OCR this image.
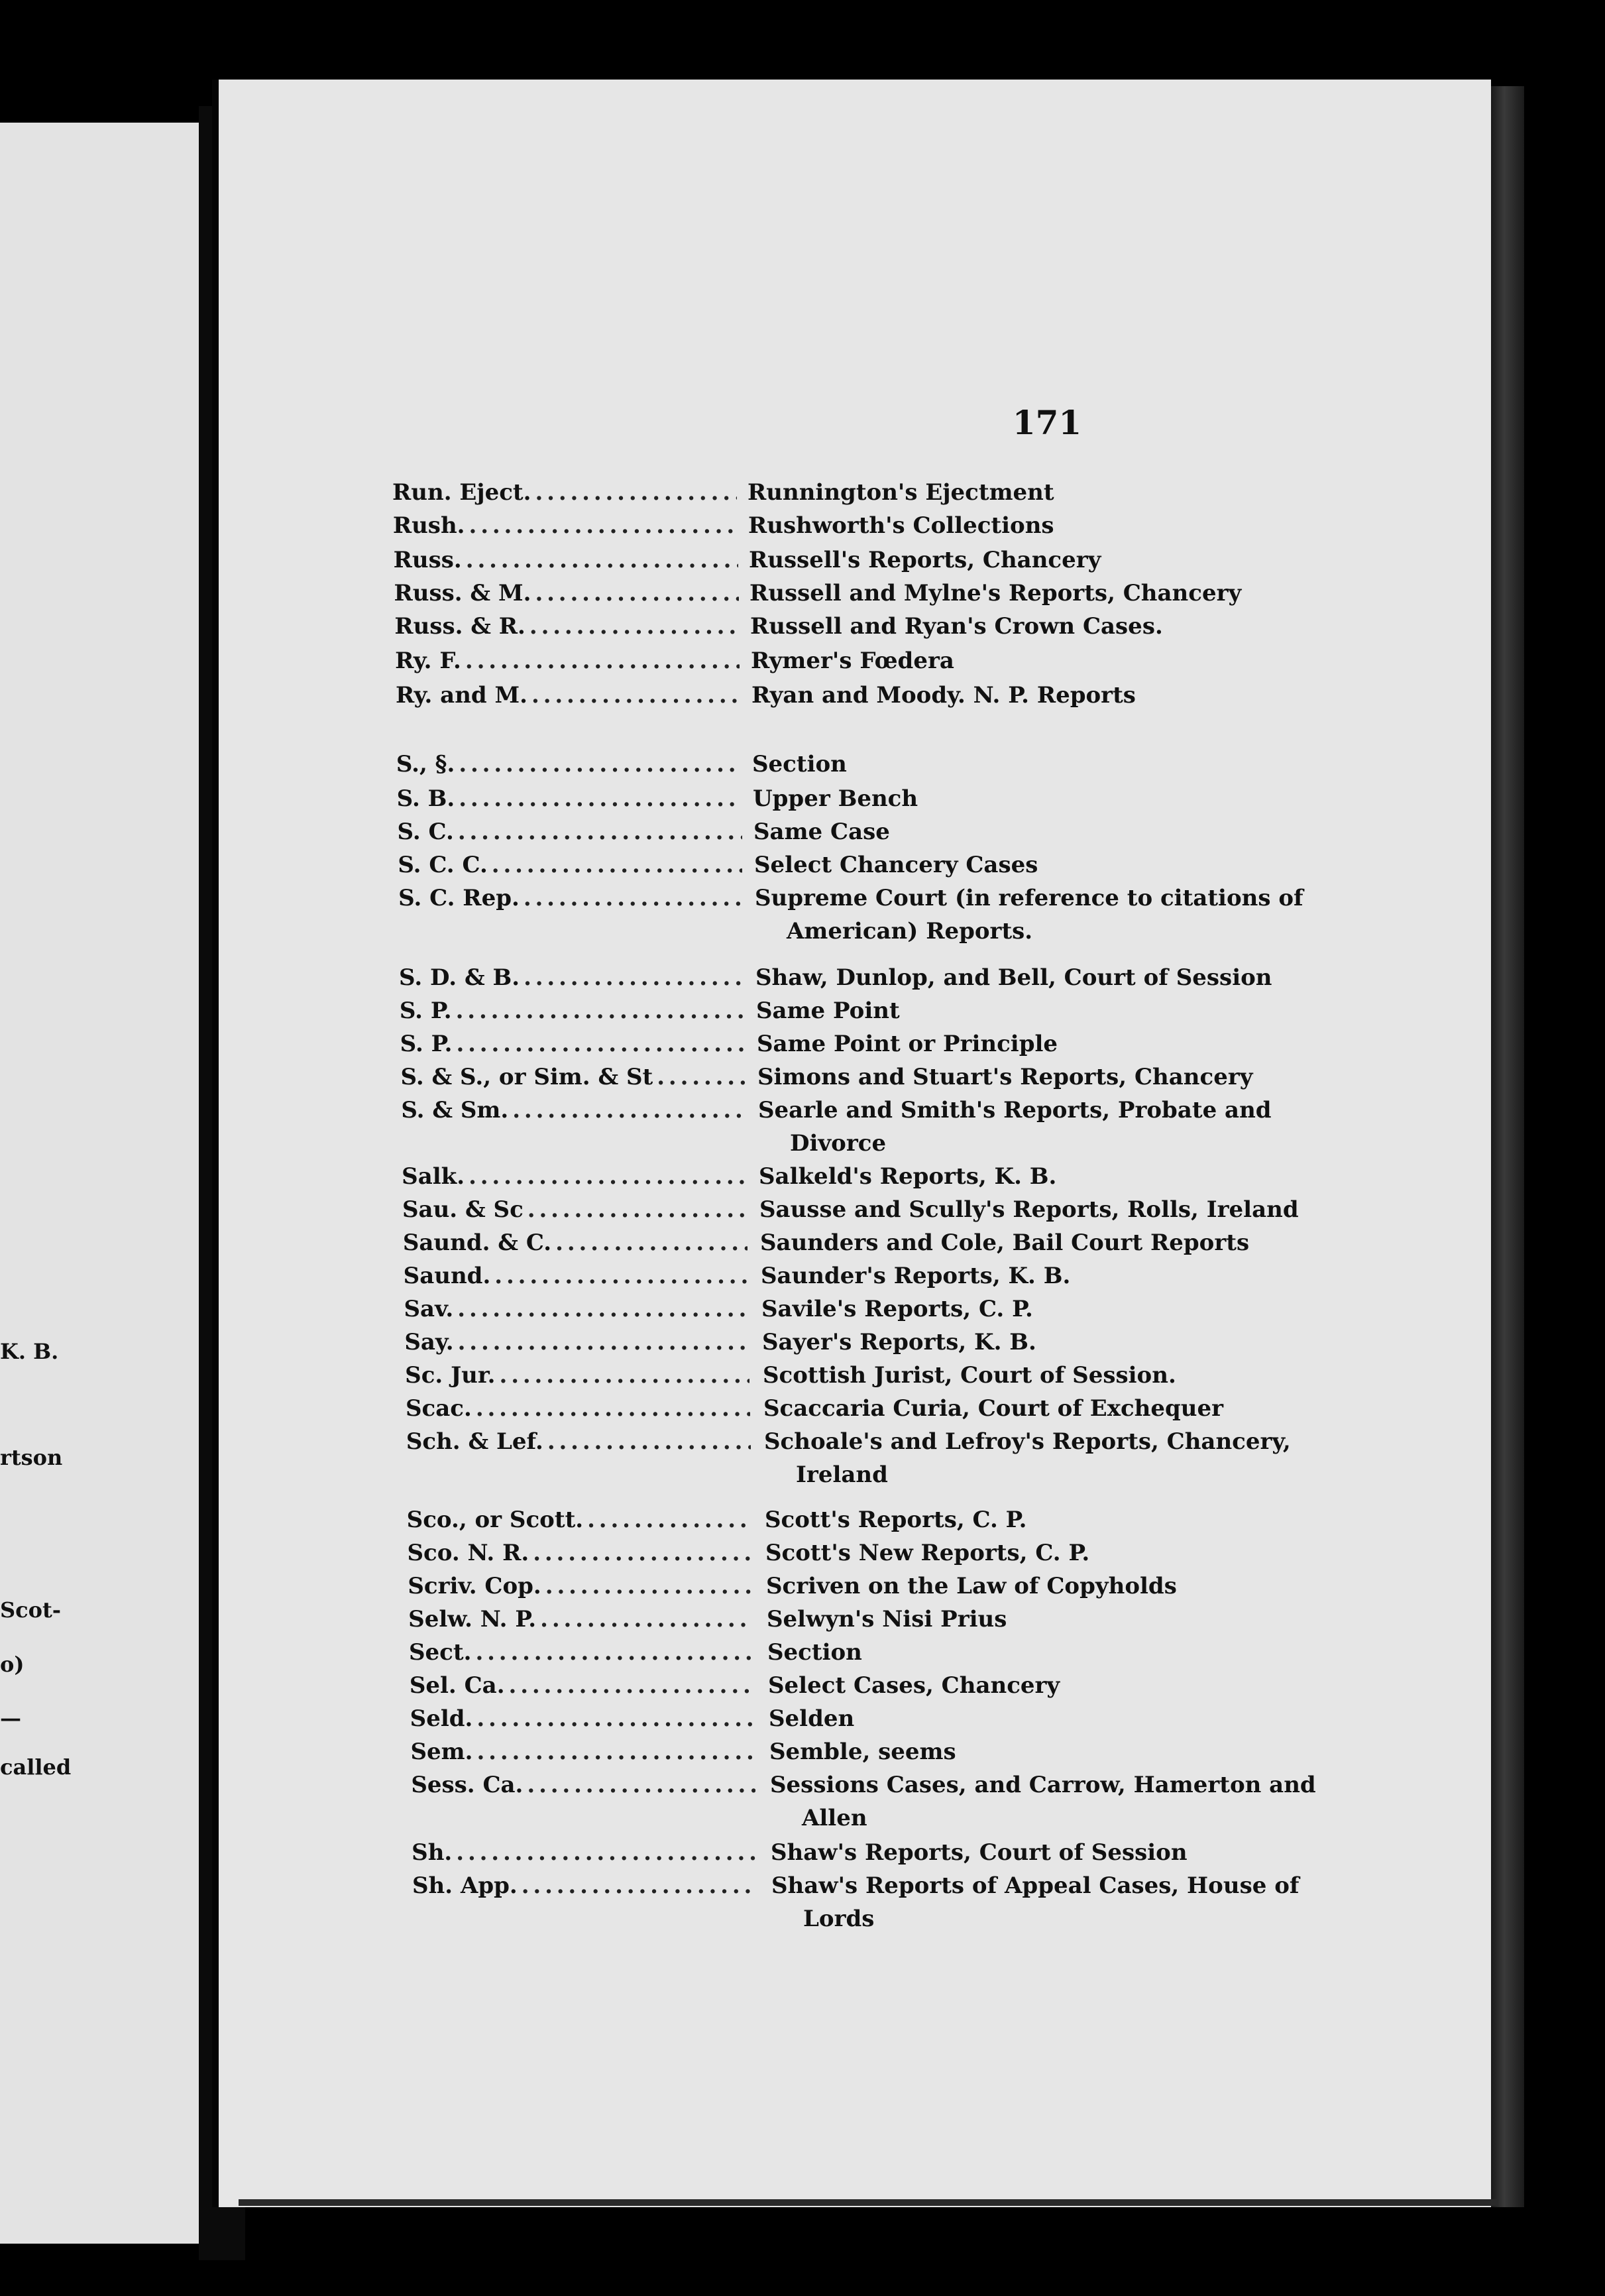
K. B.
rtson
Scot-
o)
—
called
171
Run. Eject. . . .	Runnington's Ejectment
Rush. . . .	Rushworth's Collections
Russ. . . .	Russell's Reports, Chancery
Russ. & M. . . .	Russell and Mylne's Reports, Chancery
Russ. & R. . . .	Russell and Ryan's Crown Cases.
Ry. F. . . .	Rymer's Fœdera
Ry. and M. . . .	Ryan and Moody. N. P. Reports
S., §. . . .	Section
S. B. . . .	Upper Bench
S. C. . . .	Same Case
S. C. C. . . .	Select Chancery Cases
S. C. Rep. . . .	Supreme Court (in reference to citations of
American) Reports.
S. D. & B. . . .	Shaw, Dunlop, and Bell, Court of Session
S. P. . . .	Same Point
S. P. . . .	Same Point or Principle
S. & S., or Sim. & St . . .	Simons and Stuart's Reports, Chancery
S. & Sm. . . .	Searle and Smith's Reports, Probate and
Divorce
Salk. . . .	Salkeld's Reports, K. B.
Sau. & Sc . . .	Sausse and Scully's Reports, Rolls, Ireland
Saund. & C. . . .	Saunders and Cole, Bail Court Reports
Saund. . . .	Saunder's Reports, K. B.
Sav. . . .	Savile's Reports, C. P.
Say. . . .	Sayer's Reports, K. B.
Sc. Jur. . . .	Scottish Jurist, Court of Session.
Scac. . . .	Scaccaria Curia, Court of Exchequer
Sch. & Lef. . . .	Schoale's and Lefroy's Reports, Chancery,
Ireland
Sco., or Scott. . . .	Scott's Reports, C. P.
Sco. N. R. . . .	Scott's New Reports, C. P.
Scriv. Cop. . . .	Scriven on the Law of Copyholds
Selw. N. P. . . .	Selwyn's Nisi Prius
Sect. . . .	Section
Sel. Ca. . . .	Select Cases, Chancery
Seld. . . .	Selden
Sem. . . .	Semble, seems
Sess. Ca. . . .	Sessions Cases, and Carrow, Hamerton and
Allen
Sh. . . .	Shaw's Reports, Court of Session
Sh. App. . . .	Shaw's Reports of Appeal Cases, House of
Lords
